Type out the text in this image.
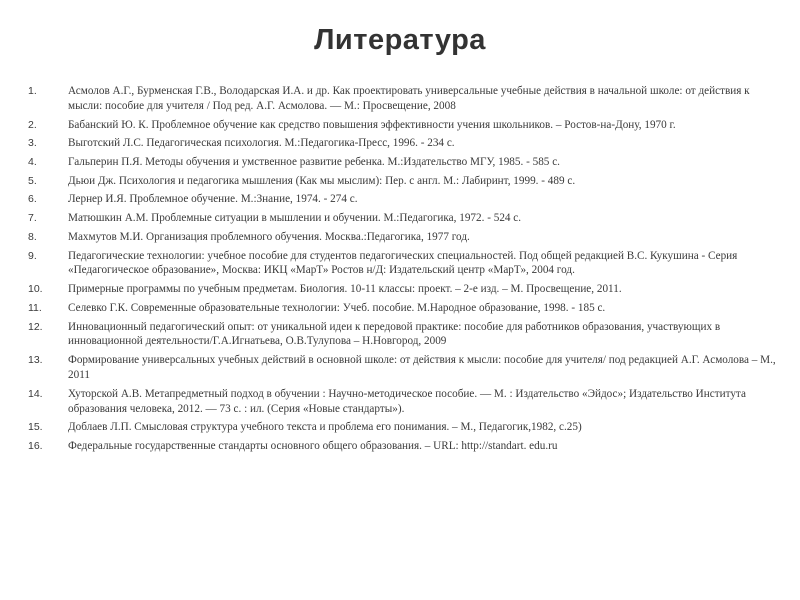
Литература
1.	Асмолов А.Г., Бурменская Г.В., Володарская И.А. и др. Как проектировать универсальные учебные действия в начальной школе: от действия к мысли: пособие для учителя / Под ред. А.Г. Асмолова. — М.: Просвещение, 2008
2.	Бабанский Ю. К. Проблемное обучение как средство повышения эффективности учения школьников. – Ростов-на-Дону, 1970 г.
3.	Выготский Л.С. Педагогическая психология. М.:Педагогика-Пресс, 1996. - 234 с.
4.	Гальперин П.Я. Методы обучения и умственное развитие ребенка. М.:Издательство МГУ, 1985. - 585 с.
5.	Дьюи Дж. Психология и педагогика мышления (Как мы мыслим): Пер. с англ. М.: Лабиринт, 1999. - 489 с.
6.	Лернер И.Я. Проблемное обучение. М.:Знание, 1974. - 274 с.
7.	Матюшкин А.М. Проблемные ситуации в мышлении и обучении. М.:Педагогика, 1972. - 524 с.
8.	Махмутов М.И. Организация проблемного обучения. Москва.:Педагогика, 1977 год.
9.	Педагогические технологии: учебное пособие для студентов педагогических специальностей. Под общей редакцией В.С. Кукушина - Серия «Педагогическое образование», Москва: ИКЦ «МарТ» Ростов н/Д: Издательский центр «МарТ», 2004 год.
10.	Примерные программы по учебным предметам. Биология. 10-11 классы: проект. – 2-е изд. – М. Просвещение, 2011.
11.	Селевко Г.К. Современные образовательные технологии: Учеб. пособие. М.Народное образование, 1998. - 185 с.
12.	Инновационный педагогический опыт: от уникальной идеи к передовой практике: пособие для работников образования, участвующих в инновационной деятельности/Г.А.Игнатьева, О.В.Тулупова – Н.Новгород, 2009
13.	Формирование универсальных учебных действий в основной школе: от действия к мысли: пособие для учителя/ под редакцией А.Г. Асмолова – М., 2011
14.	Хуторской А.В. Метапредметный подход в обучении : Научно-методическое пособие. — М. : Издательство «Эйдос»; Издательство Института образования человека, 2012. — 73 с. : ил. (Серия «Новые стандарты»).
15.	Доблаев Л.П. Смысловая структура учебного текста и проблема его понимания. – М., Педагогик,1982, с.25)
16.	Федеральные государственные стандарты основного общего образования. – URL: http://standart. edu.ru
